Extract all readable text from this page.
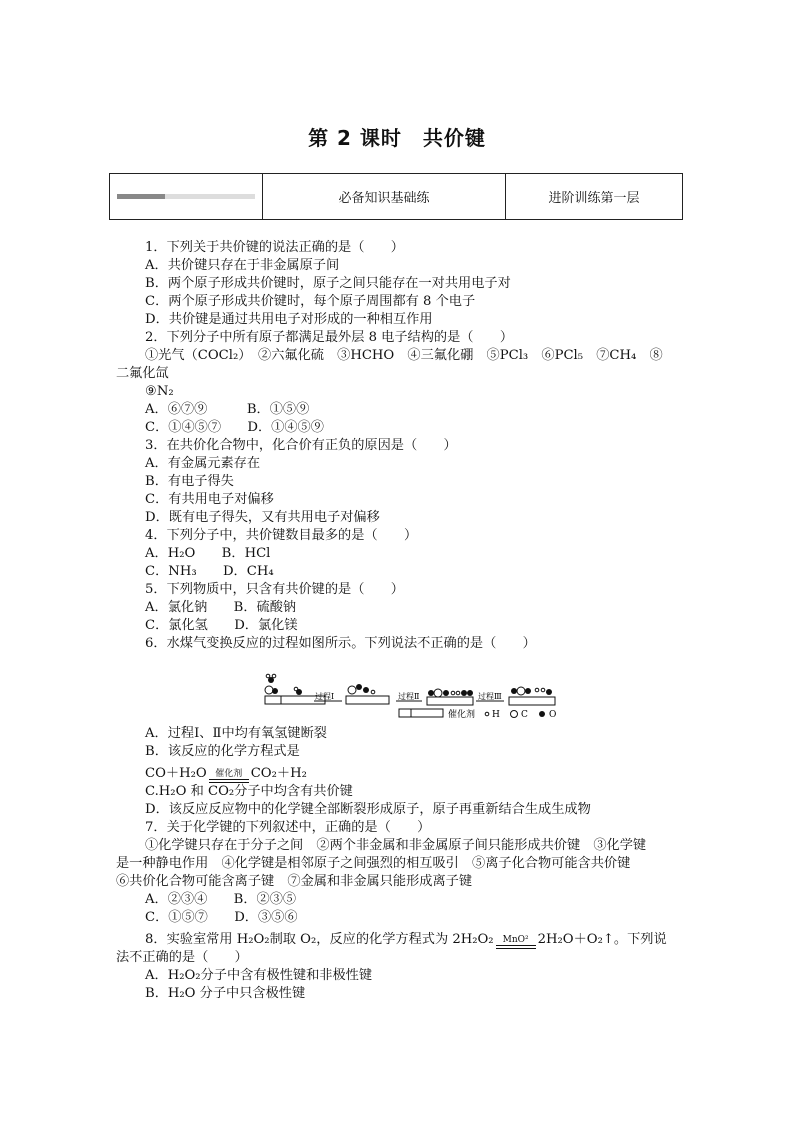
第 2 课时　共价键
必备知识基础练	进阶训练第一层
1．下列关于共价键的说法正确的是（　　）
A．共价键只存在于非金属原子间
B．两个原子形成共价键时，原子之间只能存在一对共用电子对
C．两个原子形成共价键时，每个原子周围都有 8 个电子
D．共价键是通过共用电子对形成的一种相互作用
2．下列分子中所有原子都满足最外层 8 电子结构的是（　　）
①光气（COCl₂）　②六氟化硫　③HCHO　④三氟化硼　⑤PCl₃　⑥PCl₅　⑦CH₄　⑧
二氟化氙
⑨N₂
A．⑥⑦⑨　　　B．①⑤⑨
C．①④⑤⑦　　D．①④⑤⑨
3．在共价化合物中，化合价有正负的原因是（　　）
A．有金属元素存在
B．有电子得失
C．有共用电子对偏移
D．既有电子得失，又有共用电子对偏移
4．下列分子中，共价键数目最多的是（　　）
A．H₂O　　B．HCl
C．NH₃　　D．CH₄
5．下列物质中，只含有共价键的是（　　）
A．氯化钠　　B．硫酸钠
C．氯化氢　　D．氯化镁
6．水煤气变换反应的过程如图所示。下列说法不正确的是（　　）
过程Ⅰ	过程Ⅱ	过程Ⅲ
催化剂 H C O
A．过程Ⅰ、Ⅱ中均有氧氢键断裂
B．该反应的化学方程式是
CO＋H₂O 催化剂 CO₂＋H₂
C.H₂O 和 CO₂分子中均含有共价键
D．该反应反应物中的化学键全部断裂形成原子，原子再重新结合生成生成物
7．关于化学键的下列叙述中，正确的是（　　）
①化学键只存在于分子之间　②两个非金属和非金属原子间只能形成共价键　③化学键
是一种静电作用　④化学键是相邻原子之间强烈的相互吸引　⑤离子化合物可能含共价键
⑥共价化合物可能含离子键　⑦金属和非金属只能形成离子键
A．②③④　　B．②③⑤
C．①⑤⑦　　D．③⑤⑥
8．实验室常用 H₂O₂制取 O₂，反应的化学方程式为 2H₂O₂ MnO² 2H₂O＋O₂↑。下列说
法不正确的是（　　）
A．H₂O₂分子中含有极性键和非极性键
B．H₂O 分子中只含极性键
